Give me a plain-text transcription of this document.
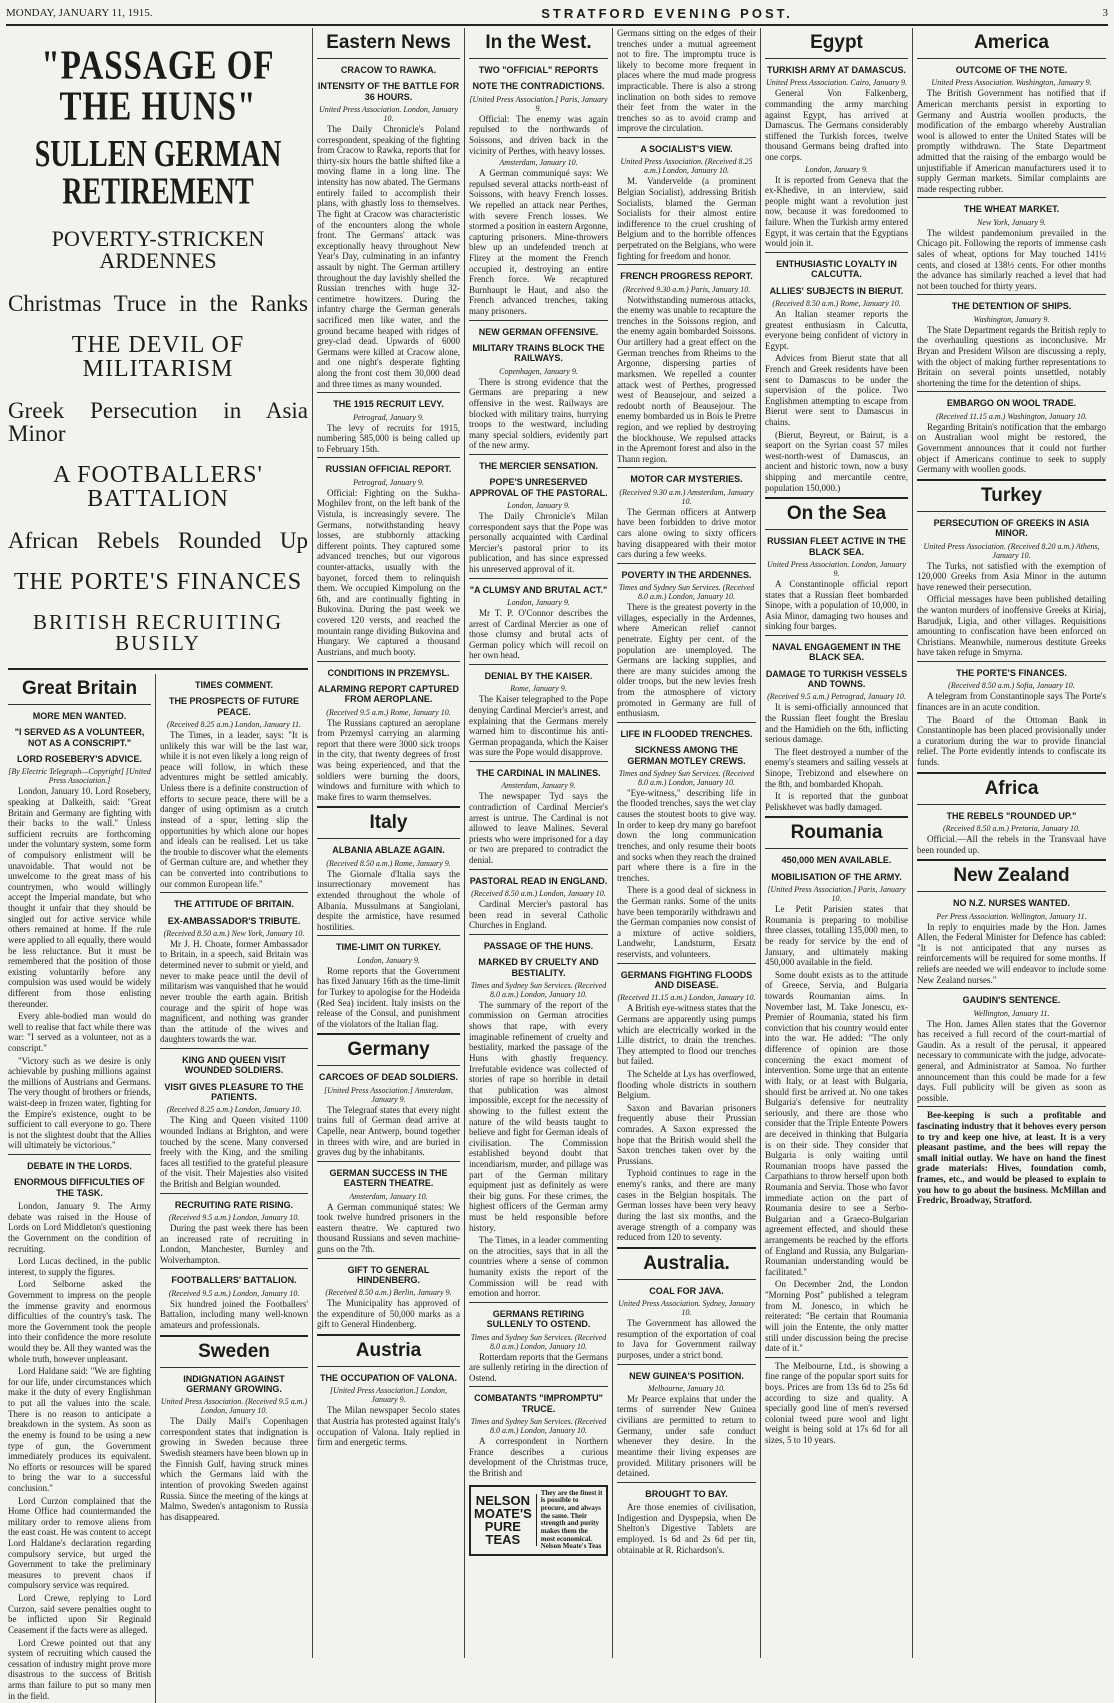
MONDAY, JANUARY 11, 1915.	STRATFORD EVENING POST.	3
"PASSAGE OF THE HUNS"
SULLEN GERMAN RETIREMENT
POVERTY-STRICKEN ARDENNES
Christmas Truce in the Ranks
THE DEVIL OF MILITARISM
Greek Persecution in Asia Minor
A FOOTBALLERS' BATTALION
African Rebels Rounded Up
THE PORTE'S FINANCES
BRITISH RECRUITING BUSILY
Great Britain
MORE MEN WANTED.
"I SERVED AS A VOLUNTEER, NOT AS A CONSCRIPT."
LORD ROSEBERY'S ADVICE.
[By Electric Telegraph—Copyright] [United Press Association.]

London, January 10. Lord Rosebery, speaking at Dalkeith, said: "Great Britain and Germany are fighting with their backs to the wall." Unless sufficient recruits are forthcoming under the voluntary system, some form of compulsory enlistment will be unavoidable. That would not be unwelcome to the great mass of his countrymen, who would willingly accept the Imperial mandate, but who thought it unfair that they should be singled out for active service while others remained at home. If the rule were applied to all equally, there would be less reluctance. But it must be remembered that the position of those existing voluntarily before any compulsion was used would be widely different from those enlisting thereunder.

Every able-bodied man would do well to realise that fact while there was war: "I served as a volunteer, not as a conscript."

"Victory such as we desire is only achievable by pushing millions against the millions of Austrians and Germans. The very thought of brothers or friends, waist-deep in frozen water, fighting for the Empire's existence, ought to be sufficient to call everyone to go. There is not the slightest doubt that the Allies will ultimately be victorious."

DEBATE IN THE LORDS.
ENORMOUS DIFFICULTIES OF THE TASK.

London, January 9. The Army debate was raised in the House of Lords on Lord Middleton's questioning the Government on the condition of recruiting.

Lord Lucas declined, in the public interest, to supply the figures.

Lord Selborne asked the Government to impress on the people the immense gravity and enormous difficulties of the country's task. The more the Government took the people into their confidence the more resolute would they be. All they wanted was the whole truth, however unpleasant.

Lord Haldane said: "We are fighting for our life, under circumstances which make it the duty of every Englishman to put all the values into the scale. There is no reason to anticipate a breakdown in the system. As soon as the enemy is found to be using a new type of gun, the Government immediately produces its equivalent. No efforts or resources will be spared to bring the war to a successful conclusion."

Lord Curzon complained that the Home Office had countermanded the military order to remove aliens from the east coast. He was content to accept Lord Haldane's declaration regarding compulsory service, but urged the Government to take the preliminary measures to prevent chaos if compulsory service was required.

Lord Crewe, replying to Lord Curzon, said severe penalties ought to be inflicted upon Sir Reginald Ceasement if the facts were as alleged.

Lord Crewe pointed out that any system of recruiting which caused the cessation of industry might prove more disastrous to the success of British arms than failure to put so many men in the field.

TIMES COMMENT.
THE PROSPECTS OF FUTURE PEACE.
(Received 8.25 a.m.) London, January 11.

The Times, in a leader, says: "It is unlikely this war will be the last war, while it is not even likely a long reign of peace will follow, in which these adventures might be settled amicably. Unless there is a definite construction of efforts to secure peace, there will be a danger of using optimism as a crutch instead of a spur, letting slip the opportunities by which alone our hopes and ideals can be realised. Let us take the trouble to discover what the elements of German culture are, and whether they can be converted into contributions to our common European life."

THE ATTITUDE OF BRITAIN.
EX-AMBASSADOR'S TRIBUTE.
(Received 8.50 a.m.) New York, January 10.

Mr J. H. Choate, former Ambassador to Britain, in a speech, said Britain was determined never to submit or yield, and never to make peace until the devil of militarism was vanquished that he would never trouble the earth again. British courage and the spirit of hope was magnificent, and nothing was grander than the attitude of the wives and daughters towards the war.

KING AND QUEEN VISIT WOUNDED SOLDIERS.
VISIT GIVES PLEASURE TO THE PATIENTS.
(Received 8.25 a.m.) London, January 10.

The King and Queen visited 1100 wounded Indians at Brighton, and were touched by the scene. Many conversed freely with the King, and the smiling faces all testified to the grateful pleasure of the visit. Their Majesties also visited the British and Belgian wounded.

RECRUITING RATE RISING.
(Received 9.5 a.m.) London, January 10.

During the past week there has been an increased rate of recruiting in London, Manchester, Burnley and Wolverhampton.

FOOTBALLERS' BATTALION.
(Received 9.5 a.m.) London, January 10.

Six hundred joined the Footballers' Battalion, including many well-known amateurs and professionals.

Sweden
INDIGNATION AGAINST GERMANY GROWING.
United Press Association. (Received 9.5 a.m.) London, January 10.

The Daily Mail's Copenhagen correspondent states that indignation is growing in Sweden because three Swedish steamers have been blown up in the Finnish Gulf, having struck mines which the Germans laid with the intention of provoking Sweden against Russia. Since the meeting of the kings at Malmo, Sweden's antagonism to Russia has disappeared.

Eastern News
CRACOW TO RAWKA.
INTENSITY OF THE BATTLE FOR 36 HOURS.
United Press Association. London, January 10.

The Daily Chronicle's Poland correspondent, speaking of the fighting from Cracow to Rawka, reports that for thirty-six hours the battle shifted like a moving flame in a long line. The intensity has now abated. The Germans entirely failed to accomplish their plans, with ghastly loss to themselves. The fight at Cracow was characteristic of the encounters along the whole front. The Germans' attack was exceptionally heavy throughout New Year's Day, culminating in an infantry assault by night. The German artillery throughout the day lavishly shelled the Russian trenches with huge 32-centimetre howitzers. During the infantry charge the German generals sacrificed men like water, and the ground became heaped with ridges of grey-clad dead. Upwards of 6000 Germans were killed at Cracow alone, and one night's desperate fighting along the front cost them 30,000 dead and three times as many wounded.

THE 1915 RECRUIT LEVY.
Petrograd, January 9.

The levy of recruits for 1915, numbering 585,000 is being called up to February 15th.

RUSSIAN OFFICIAL REPORT.
Petrograd, January 9.

Official: Fighting on the Sukha-Moghilev front, on the left bank of the Vistula, is increasingly severe. The Germans, notwithstanding heavy losses, are stubbornly attacking different points. They captured some advanced trenches, but our vigorous counter-attacks, usually with the bayonet, forced them to relinquish them. We occupied Kimpolung on the 6th, and are continually fighting in Bukovina. During the past week we covered 120 versts, and reached the mountain range dividing Bukovina and Hungary. We captured a thousand Austrians, and much booty.

CONDITIONS IN PRZEMYSL.
ALARMING REPORT CAPTURED FROM AEROPLANE.
(Received 9.5 a.m.) Rome, January 10.

The Russians captured an aeroplane from Przemysl carrying an alarming report that there were 3000 sick troops in the city, that twenty degrees of frost was being experienced, and that the soldiers were burning the doors, windows and furniture with which to make fires to warm themselves.

Italy
ALBANIA ABLAZE AGAIN.
(Received 8.50 a.m.) Rome, January 9.

The Giornale d'Italia says the insurrectionary movement has extended throughout the whole of Albania. Mussulmans at Sangiolani, despite the armistice, have resumed hostilities.

TIME-LIMIT ON TURKEY.
London, January 9.

Rome reports that the Government has fixed January 16th as the time-limit for Turkey to apologise for the Hodeida (Red Sea) incident. Italy insists on the release of the Consul, and punishment of the violators of the Italian flag.

Germany
CARCOES OF DEAD SOLDIERS.
[United Press Association.] Amsterdam, January 9.

The Telegraaf states that every night trains full of German dead arrive at Capelle, near Antwerp, bound together in threes with wire, and are buried in graves dug by the inhabitants.

GERMAN SUCCESS IN THE EASTERN THEATRE.
Amsterdam, January 10.

A German communiqué states: We took twelve hundred prisoners in the eastern theatre. We captured two thousand Russians and seven machine-guns on the 7th.

GIFT TO GENERAL HINDENBERG.
(Received 8.50 a.m.) Berlin, January 9.

The Municipality has approved of the expenditure of 50,000 marks as a gift to General Hindenberg.

Austria
THE OCCUPATION OF VALONA.
[United Press Association.] London, January 9.

The Milan newspaper Secolo states that Austria has protested against Italy's occupation of Valona. Italy replied in firm and energetic terms.

In the West.
TWO "OFFICIAL" REPORTS
NOTE THE CONTRADICTIONS.
[United Press Association.] Paris, January 9.

Official: The enemy was again repulsed to the northwards of Soissons, and driven back in the vicinity of Perthes, with heavy losses.

Amsterdam, January 10.

A German communiqué says: We repulsed several attacks north-east of Soissons, with heavy French losses. We repelled an attack near Perthes, with severe French losses. We stormed a position in eastern Argonne, capturing prisoners. Mine-throwers blew up an undefended trench at Flirey at the moment the French occupied it, destroying an entire French force. We recaptured Burnhaupt le Haut, and also the French advanced trenches, taking many prisoners.

NEW GERMAN OFFENSIVE.
MILITARY TRAINS BLOCK THE RAILWAYS.
Copenhagen, January 9.

There is strong evidence that the Germans are preparing a new offensive in the west. Railways are blocked with military trains, hurrying troops to the westward, including many special soldiers, evidently part of the new army.

THE MERCIER SENSATION.
POPE'S UNRESERVED APPROVAL OF THE PASTORAL.
London, January 9.

The Daily Chronicle's Milan correspondent says that the Pope was personally acquainted with Cardinal Mercier's pastoral prior to its publication, and has since expressed his unreserved approval of it.

"A CLUMSY AND BRUTAL ACT."
London, January 9.

Mr T. P. O'Connor describes the arrest of Cardinal Mercier as one of those clumsy and brutal acts of German policy which will recoil on her own head.

DENIAL BY THE KAISER.
Rome, January 9.

The Kaiser telegraphed to the Pope denying Cardinal Mercier's arrest, and explaining that the Germans merely warned him to discontinue his anti-German propaganda, which the Kaiser was sure the Pope would disapprove.

THE CARDINAL IN MALINES.
Amsterdam, January 9.

The newspaper Tyd says the contradiction of Cardinal Mercier's arrest is untrue. The Cardinal is not allowed to leave Malines. Several priests who were imprisoned for a day or two are prepared to contradict the denial.

PASTORAL READ IN ENGLAND.
(Received 8.50 a.m.) London, January 10.

Cardinal Mercier's pastoral has been read in several Catholic Churches in England.

PASSAGE OF THE HUNS.
MARKED BY CRUELTY AND BESTIALITY.
Times and Sydney Sun Services. (Received 8.0 a.m.) London, January 10.

The summary of the report of the commission on German atrocities shows that rape, with every imaginable refinement of cruelty and bestiality, marked the passage of the Huns with ghastly frequency. Irrefutable evidence was collected of stories of rape so horrible in detail that publication was almost impossible, except for the necessity of showing to the fullest extent the nature of the wild beasts taught to believe and fight for German ideals of civilisation. The Commission established beyond doubt that incendiarism, murder, and pillage was part of the German military equipment just as definitely as were their big guns. For these crimes, the highest officers of the German army must be held responsible before history.

The Times, in a leader commenting on the atrocities, says that in all the countries where a sense of common humanity exists the report of the Commission will be read with emotion and horror.

GERMANS RETIRING SULLENLY TO OSTEND.
Times and Sydney Sun Services. (Received 8.0 a.m.) London, January 10.

Rotterdam reports that the Germans are sullenly retiring in the direction of Ostend.

COMBATANTS "IMPROMPTU" TRUCE.
Times and Sydney Sun Services. (Received 8.0 a.m.) London, January 10.

A correspondent in Northern France describes a curious development of the Christmas truce, the British and

NELSON MOATE'S PURE TEAS
They are the finest it is possible to procure, and always the same. Their strength and purity makes them the most economical. Nelson Moate's Teas

Germans sitting on the edges of their trenches under a mutual agreement not to fire. The impromptu truce is likely to become more frequent in places where the mud made progress impracticable. There is also a strong inclination on both sides to remove their feet from the water in the trenches so as to avoid cramp and improve the circulation.

A SOCIALIST'S VIEW.
United Press Association. (Received 8.25 a.m.) London, January 10.

M. Vandervelde (a prominent Belgian Socialist), addressing British Socialists, blamed the German Socialists for their almost entire indifference to the cruel crushing of Belgium and to the horrible offences perpetrated on the Belgians, who were fighting for freedom and honor.

FRENCH PROGRESS REPORT.
(Received 9.30 a.m.) Paris, January 10.

Notwithstanding numerous attacks, the enemy was unable to recapture the trenches in the Soissons region, and the enemy again bombarded Soissons. Our artillery had a great effect on the German trenches from Rheims to the Argonne, dispersing parties of marksmen. We repelled a counter attack west of Perthes, progressed west of Beausejour, and seized a redoubt north of Beausejour. The enemy bombarded us in Bois le Pretre region, and we replied by destroying the blockhouse. We repulsed attacks in the Apremont forest and also in the Thann region.

MOTOR CAR MYSTERIES.
(Received 9.30 a.m.) Amsterdam, January 10.

The German officers at Antwerp have been forbidden to drive motor cars alone owing to sixty officers having disappeared with their motor cars during a few weeks.

POVERTY IN THE ARDENNES.
Times and Sydney Sun Services. (Received 8.0 a.m.) London, January 10.

There is the greatest poverty in the villages, especially in the Ardennes, where American relief cannot penetrate. Eighty per cent. of the population are unemployed. The Germans are lacking supplies, and there are many suicides among the older troops, but the new levies fresh from the atmosphere of victory promoted in Germany are full of enthusiasm.

LIFE IN FLOODED TRENCHES.
SICKNESS AMONG THE GERMAN MOTLEY CREWS.
Times and Sydney Sun Services. (Received 8.0 a.m.) London, January 10.

"Eye-witness," describing life in the flooded trenches, says the wet clay causes the stoutest boots to give way. In order to keep dry many go barefoot down the long communication trenches, and only resume their boots and socks when they reach the drained part where there is a fire in the trenches.

There is a good deal of sickness in the German ranks. Some of the units have been temporarily withdrawn and the German companies now consist of a mixture of active soldiers, Landwehr, Landsturm, Ersatz reservists, and volunteers.

GERMANS FIGHTING FLOODS AND DISEASE.
(Received 11.15 a.m.) London, January 10.

A British eye-witness states that the Germans are apparently using pumps which are electrically worked in the Lille district, to drain the trenches. They attempted to flood our trenches but failed.

The Schelde at Lys has overflowed, flooding whole districts in southern Belgium.

Saxon and Bavarian prisoners frequently abuse their Prussian comrades. A Saxon expressed the hope that the British would shell the Saxon trenches taken over by the Prussians.

Typhoid continues to rage in the enemy's ranks, and there are many cases in the Belgian hospitals. The German losses have been very heavy during the last six months, and the average strength of a company was reduced from 120 to seventy.

Australia.
COAL FOR JAVA.
United Press Association. Sydney, January 10.

The Government has allowed the resumption of the exportation of coal to Java for Government railway purposes, under a strict bond.

NEW GUINEA'S POSITION.
Melbourne, January 10.

Mr Pearce explains that under the terms of surrender New Guinea civilians are permitted to return to Germany, under safe conduct whenever they desire. In the meantime their living expenses are provided. Military prisoners will be detained.

BROUGHT TO BAY.

Are those enemies of civilisation, Indigestion and Dyspepsia, when De Shelton's Digestive Tablets are employed. 1s 6d and 2s 6d per tin, obtainable at R. Richardson's.

Egypt
TURKISH ARMY AT DAMASCUS.
United Press Association. Cairo, January 9.

General Von Falkenberg, commanding the army marching against Egypt, has arrived at Damascus. The Germans considerably stiffened the Turkish forces, twelve thousand Germans being drafted into one corps.

London, January 9.

It is reported from Geneva that the ex-Khedive, in an interview, said people might want a revolution just now, because it was foredoomed to failure. When the Turkish army entered Egypt, it was certain that the Egyptians would join it.

ENTHUSIASTIC LOYALTY IN CALCUTTA.
ALLIES' SUBJECTS IN BIERUT.
(Received 8.50 a.m.) Rome, January 10.

An Italian steamer reports the greatest enthusiasm in Calcutta, everyone being confident of victory in Egypt.

Advices from Bierut state that all French and Greek residents have been sent to Damascus to be under the supervision of the police. Two Englishmen attempting to escape from Bierut were sent to Damascus in chains.

(Bierut, Beyreut, or Bairut, is a seaport on the Syrian coast 57 miles west-north-west of Damascus, an ancient and historic town, now a busy shipping and mercantile centre, population 150,000.)

On the Sea
RUSSIAN FLEET ACTIVE IN THE BLACK SEA.
United Press Association. London, January 9.

A Constantinople official report states that a Russian fleet bombarded Sinope, with a population of 10,000, in Asia Minor, damaging two houses and sinking four barges.

NAVAL ENGAGEMENT IN THE BLACK SEA.
DAMAGE TO TURKISH VESSELS AND TOWNS.
(Received 9.5 a.m.) Petrograd, January 10.

It is semi-officially announced that the Russian fleet fought the Breslau and the Hamidieh on the 6th, inflicting serious damage.

The fleet destroyed a number of the enemy's steamers and sailing vessels at Sinope, Trebizond and elsewhere on the 8th, and bombarded Khopah.

It is reported that the gunboat Peliskhevet was badly damaged.

Roumania
450,000 MEN AVAILABLE.
MOBILISATION OF THE ARMY.
[United Press Association.] Paris, January 10.

Le Petit Parisien states that Roumania is preparing to mobilise three classes, totalling 135,000 men, to be ready for service by the end of January, and ultimately making 450,000 available in the field.

Some doubt exists as to the attitude of Greece, Servia, and Bulgaria towards Roumanian aims. In November last, M. Take Jonescu, ex-Premier of Roumania, stated his firm conviction that his country would enter into the war. He added: "The only difference of opinion are those concerning the exact moment of intervention. Some urge that an entente with Italy, or at least with Bulgaria, should first be arrived at. No one takes Bulgaria's defensive for neutrality seriously, and there are those who consider that the Triple Entente Powers are deceived in thinking that Bulgaria is on their side. They consider that Bulgaria is only waiting until Roumanian troops have passed the Carpathians to throw herself upon both Roumania and Servia. Those who favor immediate action on the part of Roumania desire to see a Serbo-Bulgarian and a Graeco-Bulgarian agreement effected, and should these arrangements be reached by the efforts of England and Russia, any Bulgarian-Roumanian understanding would be facilitated."

On December 2nd, the London "Morning Post" published a telegram from M. Jonesco, in which he reiterated: "Be certain that Roumania will join the Entente, the only matter still under discussion being the precise date of it."

The Melbourne, Ltd., is showing a fine range of the popular sport suits for boys. Prices are from 13s 6d to 25s 6d according to size and quality. A specially good line of men's reversed colonial tweed pure wool and light weight is being sold at 17s 6d for all sizes, 5 to 10 years.

America
OUTCOME OF THE NOTE.
United Press Association. Washington, January 9.

The British Government has notified that if American merchants persist in exporting to Germany and Austria woollen products, the modification of the embargo whereby Australian wool is allowed to enter the United States will be promptly withdrawn. The State Department admitted that the raising of the embargo would be unjustifiable if American manufacturers used it to supply German markets. Similar complaints are made respecting rubber.

THE WHEAT MARKET.
New York, January 9.

The wildest pandemonium prevailed in the Chicago pit. Following the reports of immense cash sales of wheat, options for May touched 141½ cents, and closed at 138½ cents. For other months the advance has similarly reached a level that had not been touched for thirty years.

THE DETENTION OF SHIPS.
Washington, January 9.

The State Department regards the British reply to the overhauling questions as inconclusive. Mr Bryan and President Wilson are discussing a reply, with the object of making further representations to Britain on several points unsettled, notably shortening the time for the detention of ships.

EMBARGO ON WOOL TRADE.
(Received 11.15 a.m.) Washington, January 10.

Regarding Britain's notification that the embargo on Australian wool might be restored, the Government announces that it could not further object if Americans continue to seek to supply Germany with woollen goods.

Turkey
PERSECUTION OF GREEKS IN ASIA MINOR.
United Press Association. (Received 8.20 a.m.) Athens, January 10.

The Turks, not satisfied with the exemption of 120,000 Greeks from Asia Minor in the autumn have renewed their persecution.

Official messages have been published detailing the wanton murders of inoffensive Greeks at Kiriaj, Barudjuk, Ligia, and other villages. Requisitions amounting to confiscation have been enforced on Christians. Meanwhile, numerous destitute Greeks have taken refuge in Smyrna.

THE PORTE'S FINANCES.
(Received 8.50 a.m.) Sofia, January 10.

A telegram from Constantinople says The Porte's finances are in an acute condition.

The Board of the Ottoman Bank in Constantinople has been placed provisionally under a curatorium during the war to provide financial relief. The Porte evidently intends to confiscate its funds.

Africa
THE REBELS "ROUNDED UP."
(Received 8.50 a.m.) Pretoria, January 10.

Official.—All the rebels in the Transvaal have been rounded up.

New Zealand
NO N.Z. NURSES WANTED.
Per Press Association. Wellington, January 11.

In reply to enquiries made by the Hon. James Allen, the Federal Minister for Defence has cabled: "It is not anticipated that any nurses as reinforcements will be required for some months. If reliefs are needed we will endeavor to include some New Zealand nurses."

GAUDIN'S SENTENCE.
Wellington, January 11.

The Hon. James Allen states that the Governor has received a full record of the court-martial of Gaudin. As a result of the perusal, it appeared necessary to communicate with the judge, advocate-general, and Administrator at Samoa. No further announcement than this could be made for a few days. Full publicity will be given as soon as possible.

Bee-keeping is such a profitable and fascinating industry that it behoves every person to try and keep one hive, at least. It is a very pleasant pastime, and the bees will repay the small initial outlay. We have on hand the finest grade materials: Hives, foundation comb, frames, etc., and would be pleased to explain to you how to go about the business. McMillan and Fredric, Broadway, Stratford.
